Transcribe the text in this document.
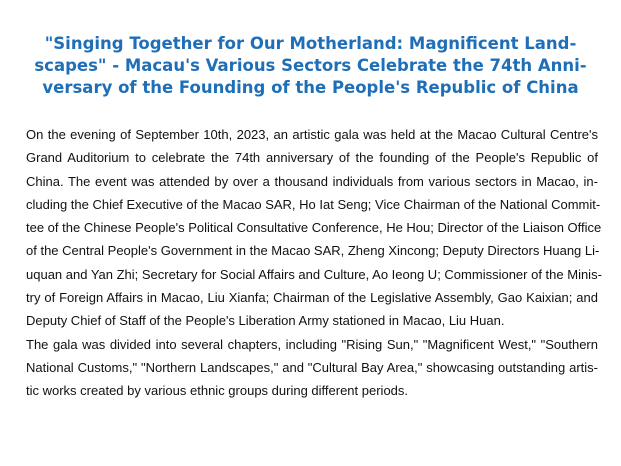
"Singing Together for Our Motherland: Magnificent Land-
scapes" - Macau's Various Sectors Celebrate the 74th Anni-
versary of the Founding of the People's Republic of China
On the evening of September 10th, 2023, an artistic gala was held at the Macao Cultural Centre's
Grand Auditorium to celebrate the 74th anniversary of the founding of the People's Republic of
China. The event was attended by over a thousand individuals from various sectors in Macao, in-
cluding the Chief Executive of the Macao SAR, Ho Iat Seng; Vice Chairman of the National Commit-
tee of the Chinese People's Political Consultative Conference, He Hou; Director of the Liaison Office
of the Central People's Government in the Macao SAR, Zheng Xincong; Deputy Directors Huang Li-
uquan and Yan Zhi; Secretary for Social Affairs and Culture, Ao Ieong U; Commissioner of the Minis-
try of Foreign Affairs in Macao, Liu Xianfa; Chairman of the Legislative Assembly, Gao Kaixian; and
Deputy Chief of Staff of the People's Liberation Army stationed in Macao, Liu Huan.
The gala was divided into several chapters, including "Rising Sun," "Magnificent West," "Southern
National Customs," "Northern Landscapes," and "Cultural Bay Area," showcasing outstanding artis-
tic works created by various ethnic groups during different periods.
